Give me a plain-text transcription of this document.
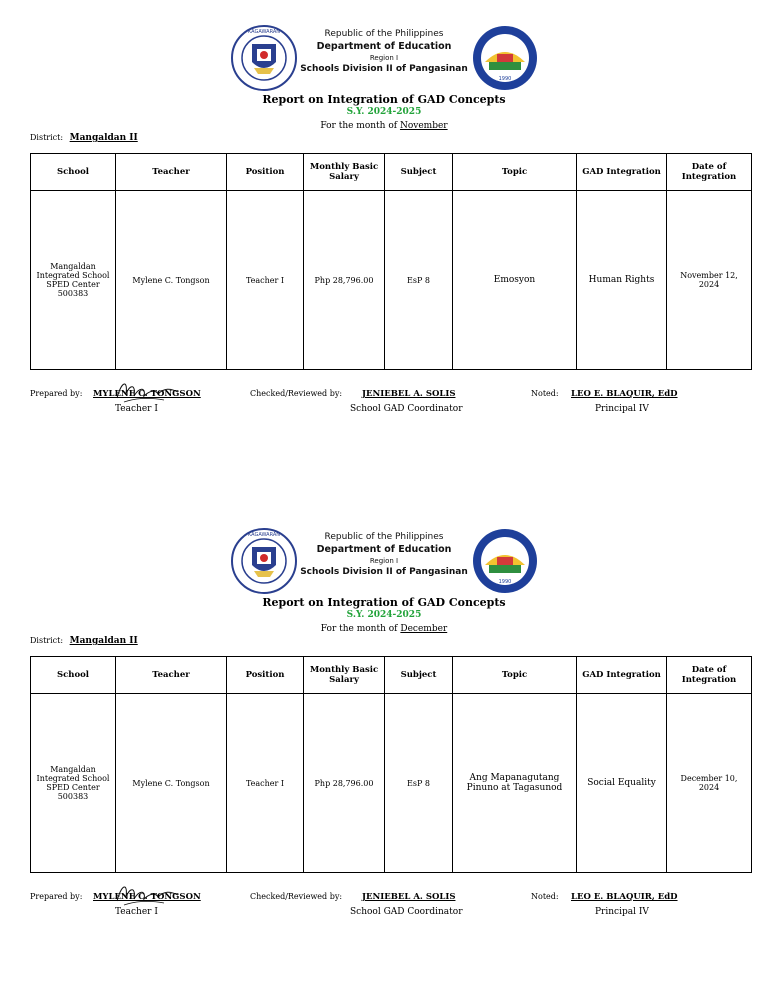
KAGAWARAN	Republic of the Philippines
Department of Education
Region I
Schools Division II of Pangasinan
1990
Report on Integration of GAD Concepts
S.Y. 2024-2025
For the month of November
District: Mangaldan II
School	Teacher	Position	Monthly Basic Salary	Subject	Topic	GAD Integration	Date of Integration
Mangaldan Integrated School SPED Center 500383	Mylene C. Tongson	Teacher I	Php 28,796.00	EsP 8	Emosyon	Human Rights	November 12, 2024
Prepared by: MYLENE C. TONGSON
Teacher I
Checked/Reviewed by: JENIEBEL A. SOLIS
School GAD Coordinator
Noted: LEO E. BLAQUIR, EdD
Principal IV
KAGAWARAN	Republic of the Philippines
Department of Education
Region I
Schools Division II of Pangasinan
1990
Report on Integration of GAD Concepts
S.Y. 2024-2025
For the month of December
District: Mangaldan II
School	Teacher	Position	Monthly Basic Salary	Subject	Topic	GAD Integration	Date of Integration
Mangaldan Integrated School SPED Center 500383	Mylene C. Tongson	Teacher I	Php 28,796.00	EsP 8	Ang Mapanagutang Pinuno at Tagasunod	Social Equality	December 10, 2024
Prepared by: MYLENE C. TONGSON
Teacher I
Checked/Reviewed by: JENIEBEL A. SOLIS
School GAD Coordinator
Noted: LEO E. BLAQUIR, EdD
Principal IV
